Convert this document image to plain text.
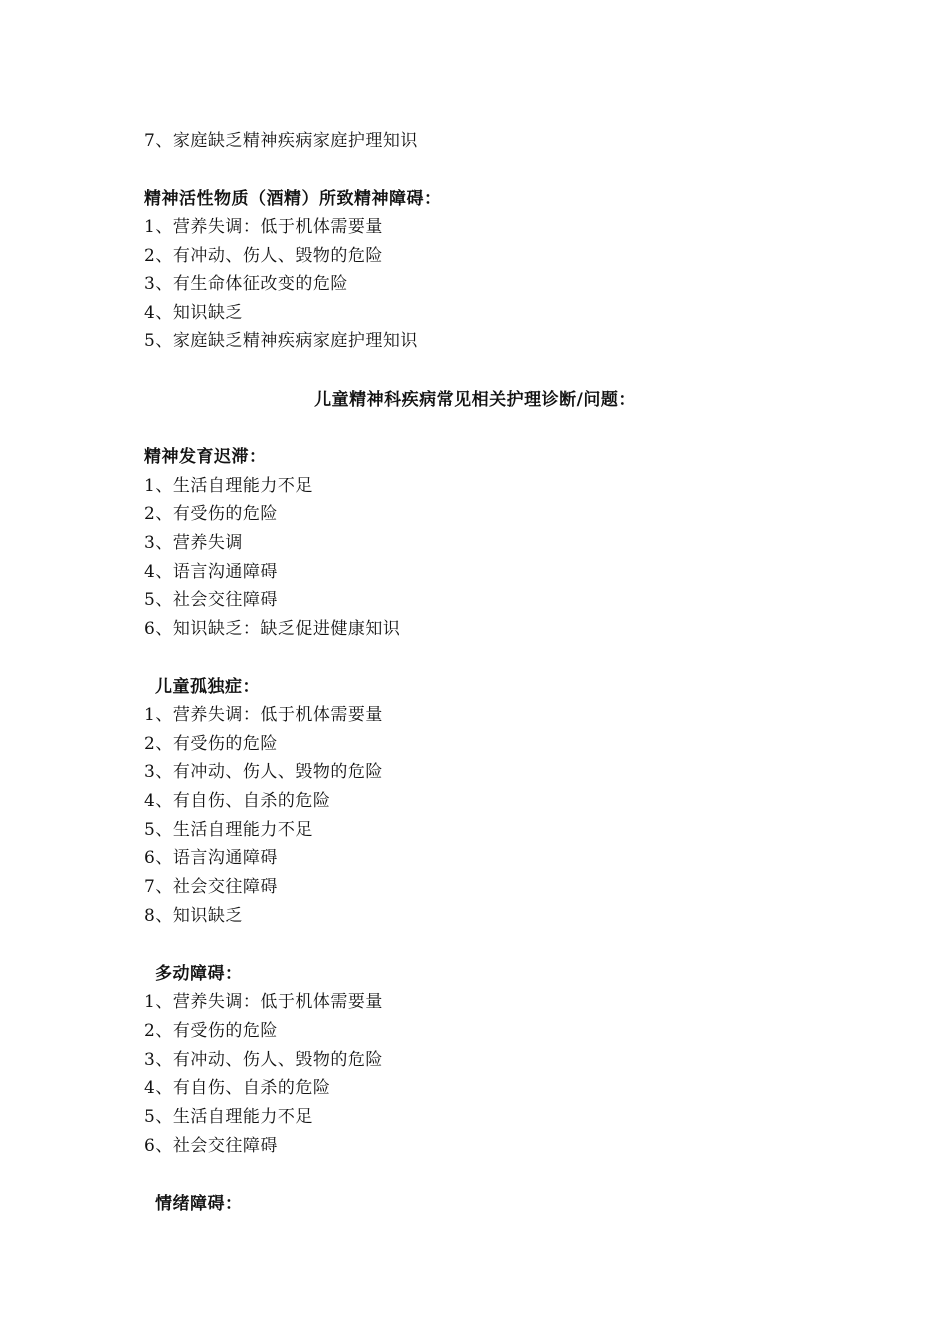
7、家庭缺乏精神疾病家庭护理知识
精神活性物质（酒精）所致精神障碍：
1、营养失调：低于机体需要量
2、有冲动、伤人、毁物的危险
3、有生命体征改变的危险
4、知识缺乏
5、家庭缺乏精神疾病家庭护理知识
儿童精神科疾病常见相关护理诊断/问题：
精神发育迟滞：
1、生活自理能力不足
2、有受伤的危险
3、营养失调
4、语言沟通障碍
5、社会交往障碍
6、知识缺乏：缺乏促进健康知识
儿童孤独症：
1、营养失调：低于机体需要量
2、有受伤的危险
3、有冲动、伤人、毁物的危险
4、有自伤、自杀的危险
5、生活自理能力不足
6、语言沟通障碍
7、社会交往障碍
8、知识缺乏
多动障碍：
1、营养失调：低于机体需要量
2、有受伤的危险
3、有冲动、伤人、毁物的危险
4、有自伤、自杀的危险
5、生活自理能力不足
6、社会交往障碍
情绪障碍：
